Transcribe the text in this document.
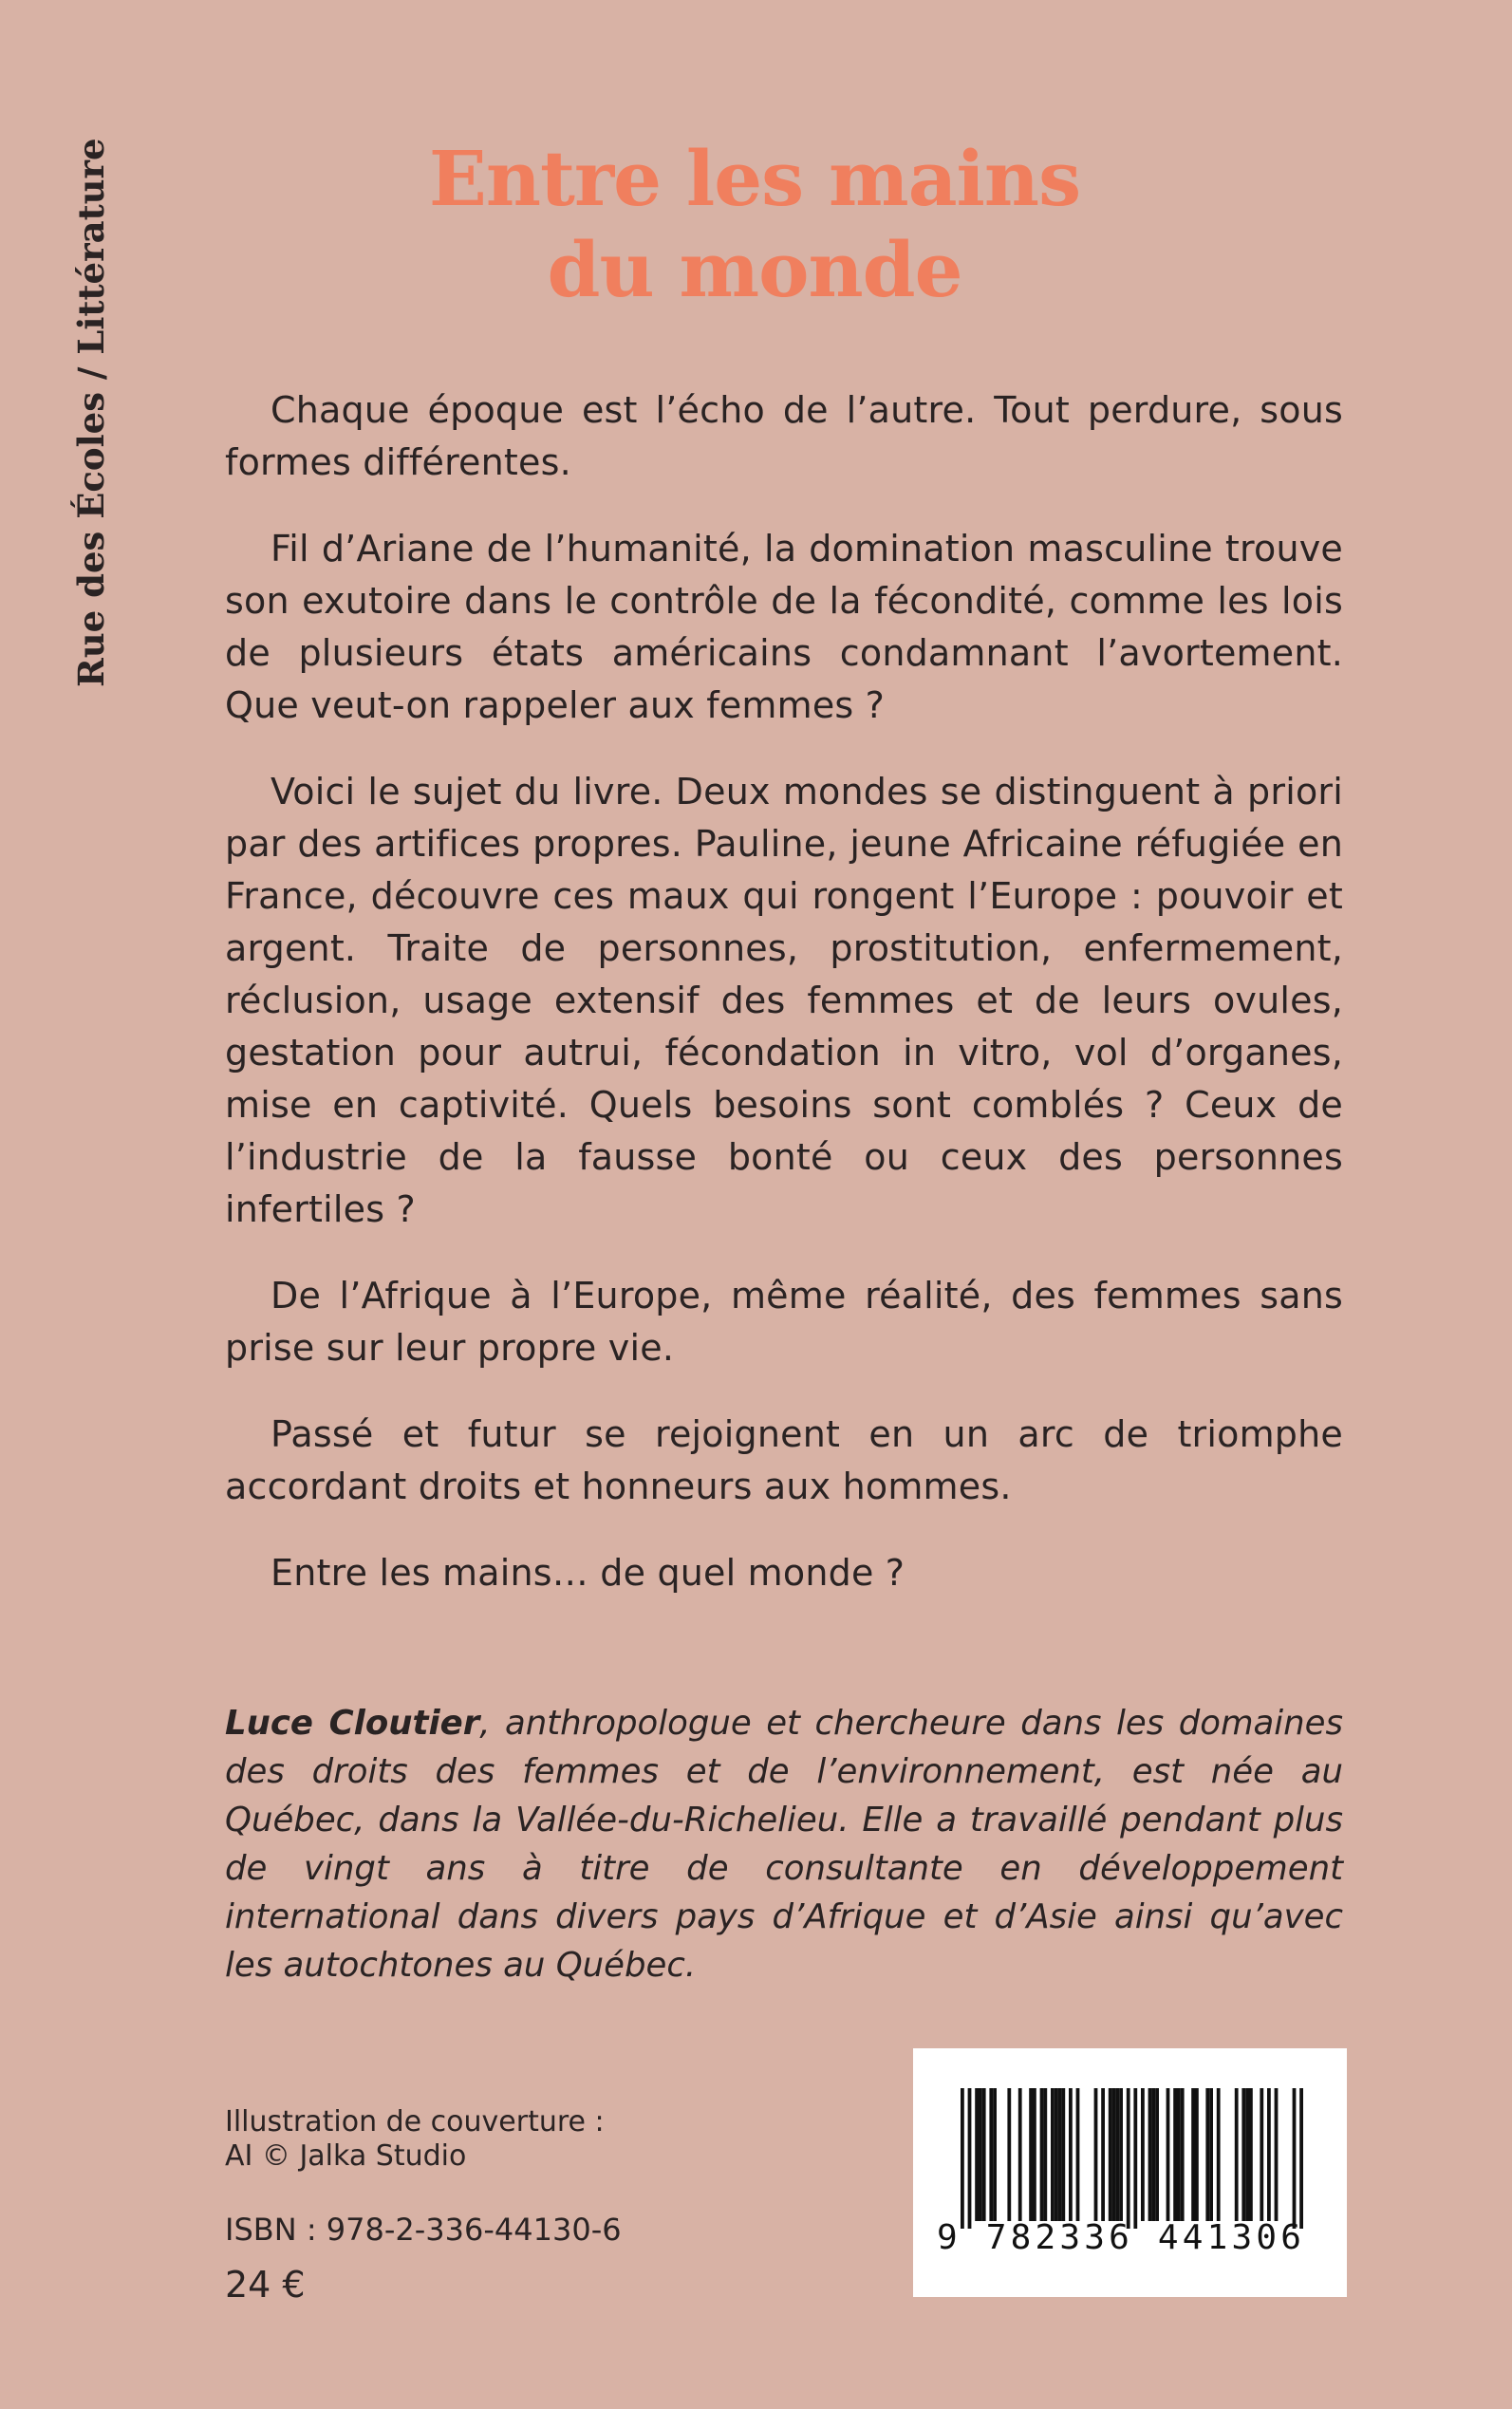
Rue des Écoles / Littérature	Entre les mains
du monde

Chaque époque est l’écho de l’autre. Tout perdure, sous formes différentes.

Fil d’Ariane de l’humanité, la domination masculine trouve son exutoire dans le contrôle de la fécondité, comme les lois de plusieurs états américains condamnant l’avortement. Que veut-on rappeler aux femmes ?

Voici le sujet du livre. Deux mondes se distinguent à priori par des artifices propres. Pauline, jeune Africaine réfugiée en France, découvre ces maux qui rongent l’Europe : pouvoir et argent. Traite de personnes, prostitution, enfermement, réclusion, usage extensif des femmes et de leurs ovules, gestation pour autrui, fécondation in vitro, vol d’organes, mise en captivité. Quels besoins sont comblés ? Ceux de l’industrie de la fausse bonté ou ceux des personnes infertiles ?

De l’Afrique à l’Europe, même réalité, des femmes sans prise sur leur propre vie.

Passé et futur se rejoignent en un arc de triomphe accordant droits et honneurs aux hommes.

Entre les mains… de quel monde ?

Luce Cloutier, anthropologue et chercheure dans les domaines des droits des femmes et de l’environnement, est née au Québec, dans la Vallée-du-Richelieu. Elle a travaillé pendant plus de vingt ans à titre de consultante en développement international dans divers pays d’Afrique et d’Asie ainsi qu’avec les autochtones au Québec.

Illustration de couverture :
AI © Jalka Studio
ISBN : 978-2-336-44130-6
24 €
9 782336 441306
